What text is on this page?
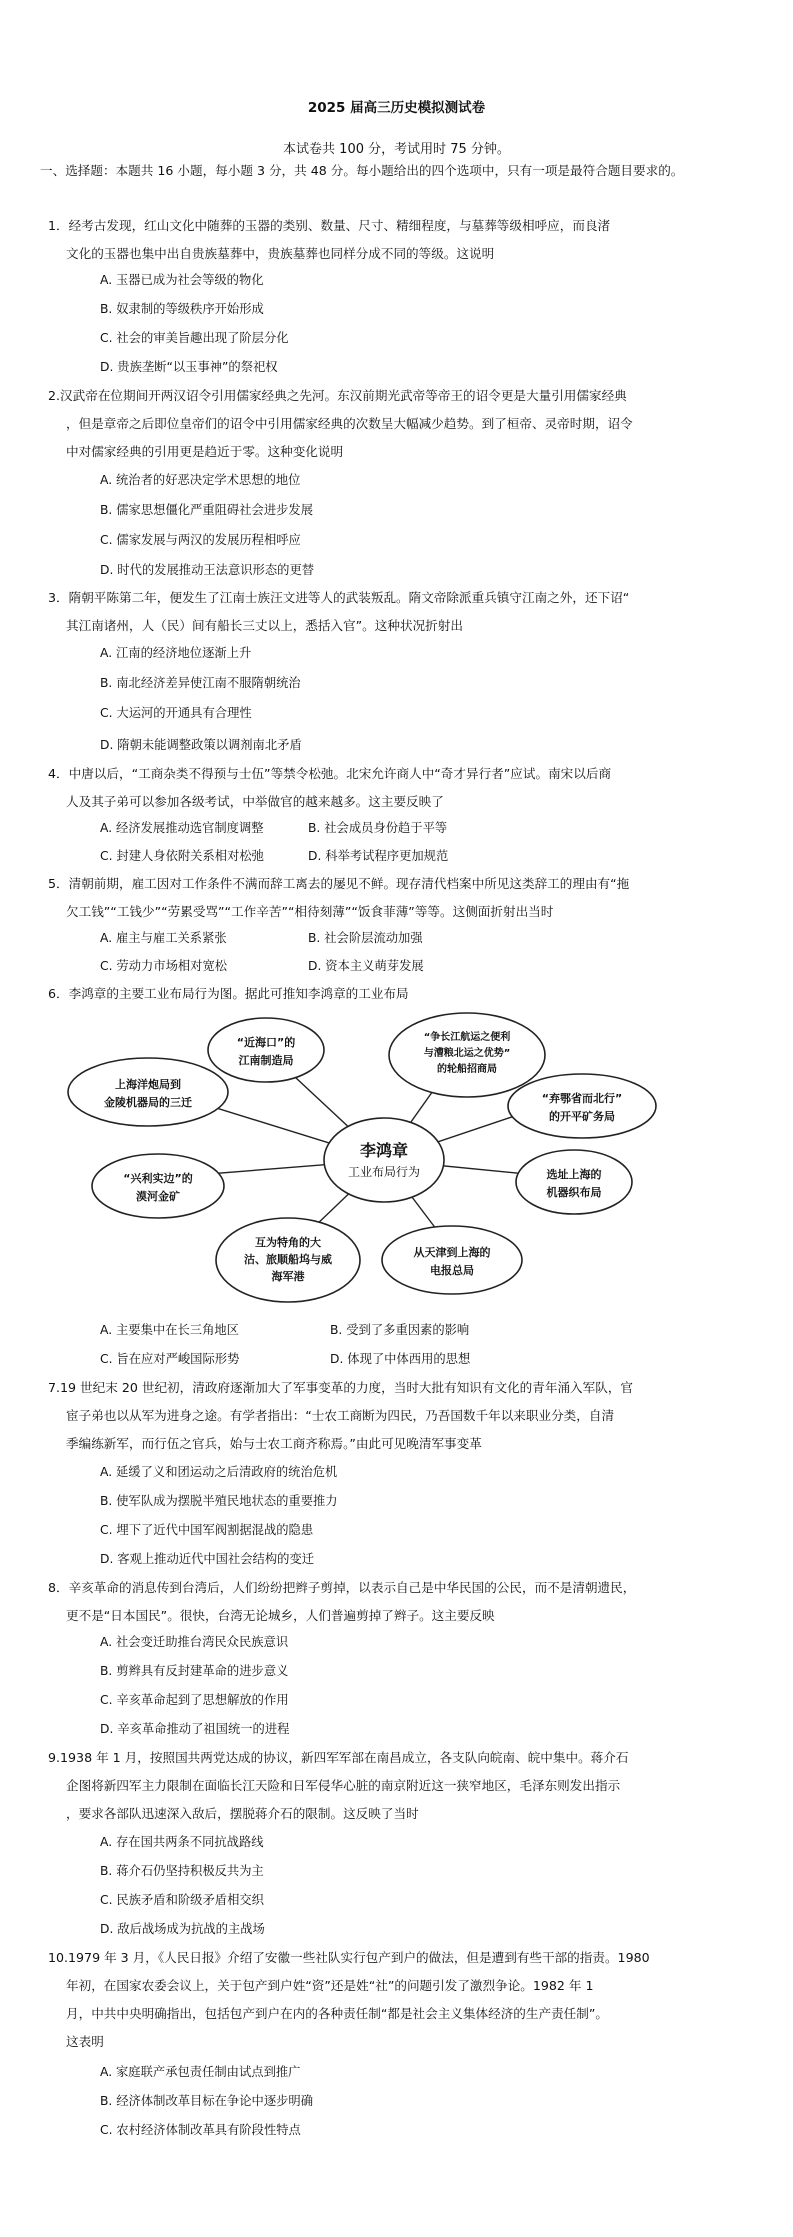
2025 届高三历史模拟测试卷
本试卷共 100 分，考试用时 75 分钟。
一、选择题：本题共 16 小题，每小题 3 分，共 48 分。每小题给出的四个选项中，只有一项是最符合题目要求的。
1．经考古发现，红山文化中随葬的玉器的类别、数量、尺寸、精细程度，与墓葬等级相呼应，而良渚
文化的玉器也集中出自贵族墓葬中，贵族墓葬也同样分成不同的等级。这说明
A. 玉器已成为社会等级的物化
B. 奴隶制的等级秩序开始形成
C. 社会的审美旨趣出现了阶层分化
D. 贵族垄断“以玉事神”的祭祀权
2.汉武帝在位期间开两汉诏令引用儒家经典之先河。东汉前期光武帝等帝王的诏令更是大量引用儒家经典
，但是章帝之后即位皇帝们的诏令中引用儒家经典的次数呈大幅减少趋势。到了桓帝、灵帝时期，诏令
中对儒家经典的引用更是趋近于零。这种变化说明
A. 统治者的好恶决定学术思想的地位
B. 儒家思想僵化严重阻碍社会进步发展
C. 儒家发展与两汉的发展历程相呼应
D. 时代的发展推动王法意识形态的更替
3．隋朝平陈第二年，便发生了江南士族汪文进等人的武装叛乱。隋文帝除派重兵镇守江南之外，还下诏“
其江南诸州，人（民）间有船长三丈以上，悉括入官”。这种状况折射出
A. 江南的经济地位逐渐上升
B. 南北经济差异使江南不服隋朝统治
C. 大运河的开通具有合理性
D. 隋朝未能调整政策以调剂南北矛盾
4．中唐以后，“工商杂类不得预与士伍”等禁令松弛。北宋允许商人中“奇才异行者”应试。南宋以后商
人及其子弟可以参加各级考试，中举做官的越来越多。这主要反映了
A. 经济发展推动选官制度调整	B. 社会成员身份趋于平等
C. 封建人身依附关系相对松弛	D. 科举考试程序更加规范
5．清朝前期，雇工因对工作条件不满而辞工离去的屡见不鲜。现存清代档案中所见这类辞工的理由有“拖
欠工钱”“工钱少”“劳累受骂”“工作辛苦”“相待刻薄”“饭食菲薄”等等。这侧面折射出当时
A. 雇主与雇工关系紧张	B. 社会阶层流动加强
C. 劳动力市场相对宽松	D. 资本主义萌芽发展
6．李鸿章的主要工业布局行为图。据此可推知李鸿章的工业布局
李鸿章
工业布局行为
“近海口”的
江南制造局
“争长江航运之便利
与漕粮北运之优势”
的轮船招商局
“弃鄂省而北行”
的开平矿务局
选址上海的
机器织布局
从天津到上海的
电报总局
互为特角的大
沽、旅顺船坞与威
海军港
“兴利实边”的
漠河金矿
上海洋炮局到
金陵机器局的三迁
A. 主要集中在长三角地区	B. 受到了多重因素的影响
C. 旨在应对严峻国际形势	D. 体现了中体西用的思想
7.19 世纪末 20 世纪初，清政府逐渐加大了军事变革的力度，当时大批有知识有文化的青年涌入军队，官
宦子弟也以从军为进身之途。有学者指出：“士农工商断为四民，乃吾国数千年以来职业分类，自清
季编练新军，而行伍之官兵，始与士农工商齐称焉。”由此可见晚清军事变革
A. 延缓了义和团运动之后清政府的统治危机
B. 使军队成为摆脱半殖民地状态的重要推力
C. 埋下了近代中国军阀割据混战的隐患
D. 客观上推动近代中国社会结构的变迁
8．辛亥革命的消息传到台湾后，人们纷纷把辫子剪掉，以表示自己是中华民国的公民，而不是清朝遗民，
更不是“日本国民”。很快，台湾无论城乡，人们普遍剪掉了辫子。这主要反映
A. 社会变迁助推台湾民众民族意识
B. 剪辫具有反封建革命的进步意义
C. 辛亥革命起到了思想解放的作用
D. 辛亥革命推动了祖国统一的进程
9.1938 年 1 月，按照国共两党达成的协议，新四军军部在南昌成立，各支队向皖南、皖中集中。蒋介石
企图将新四军主力限制在面临长江天险和日军侵华心脏的南京附近这一狭窄地区，毛泽东则发出指示
，要求各部队迅速深入敌后，摆脱蒋介石的限制。这反映了当时
A. 存在国共两条不同抗战路线
B. 蒋介石仍坚持积极反共为主
C. 民族矛盾和阶级矛盾相交织
D. 敌后战场成为抗战的主战场
10.1979 年 3 月，《人民日报》介绍了安徽一些社队实行包产到户的做法，但是遭到有些干部的指责。1980
年初，在国家农委会议上，关于包产到户姓“资”还是姓“社”的问题引发了激烈争论。1982 年 1
月，中共中央明确指出，包括包产到户在内的各种责任制“都是社会主义集体经济的生产责任制”。
这表明
A. 家庭联产承包责任制由试点到推广
B. 经济体制改革目标在争论中逐步明确
C. 农村经济体制改革具有阶段性特点
